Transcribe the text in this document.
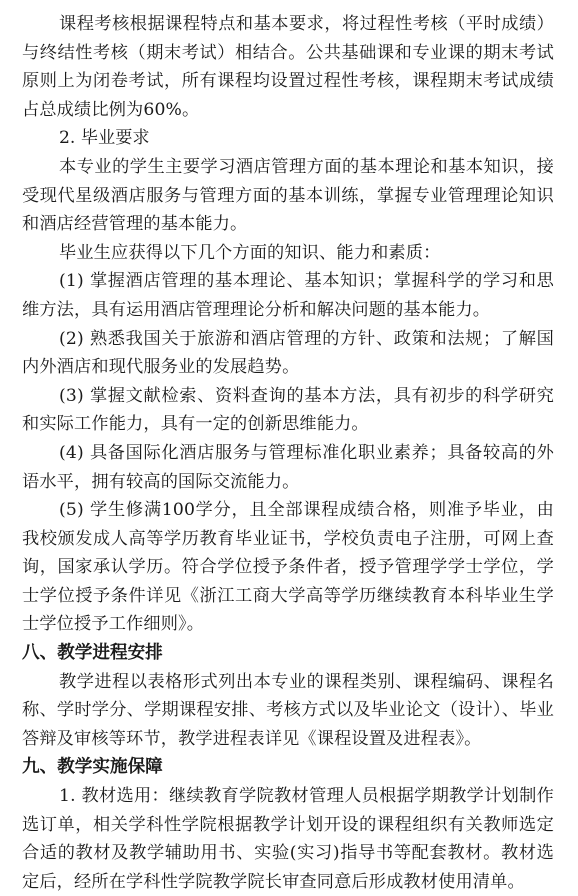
课程考核根据课程特点和基本要求，将过程性考核（平时成绩）与终结性考核（期末考试）相结合。公共基础课和专业课的期末考试原则上为闭卷考试，所有课程均设置过程性考核，课程期末考试成绩占总成绩比例为60%。

2. 毕业要求

本专业的学生主要学习酒店管理方面的基本理论和基本知识，接受现代星级酒店服务与管理方面的基本训练，掌握专业管理理论知识和酒店经营管理的基本能力。

毕业生应获得以下几个方面的知识、能力和素质：

(1) 掌握酒店管理的基本理论、基本知识；掌握科学的学习和思维方法，具有运用酒店管理理论分析和解决问题的基本能力。

(2) 熟悉我国关于旅游和酒店管理的方针、政策和法规；了解国内外酒店和现代服务业的发展趋势。

(3) 掌握文献检索、资料查询的基本方法，具有初步的科学研究和实际工作能力，具有一定的创新思维能力。

(4) 具备国际化酒店服务与管理标准化职业素养；具备较高的外语水平，拥有较高的国际交流能力。

(5) 学生修满100学分，且全部课程成绩合格，则准予毕业，由我校颁发成人高等学历教育毕业证书，学校负责电子注册，可网上查询，国家承认学历。符合学位授予条件者，授予管理学学士学位，学士学位授予条件详见《浙江工商大学高等学历继续教育本科毕业生学士学位授予工作细则》。

八、教学进程安排

教学进程以表格形式列出本专业的课程类别、课程编码、课程名称、学时学分、学期课程安排、考核方式以及毕业论文（设计）、毕业答辩及审核等环节，教学进程表详见《课程设置及进程表》。

九、教学实施保障

1. 教材选用：继续教育学院教材管理人员根据学期教学计划制作选订单，相关学科性学院根据教学计划开设的课程组织有关教师选定合适的教材及教学辅助用书、实验(实习)指导书等配套教材。教材选定后，经所在学科性学院教学院长审查同意后形成教材使用清单。
